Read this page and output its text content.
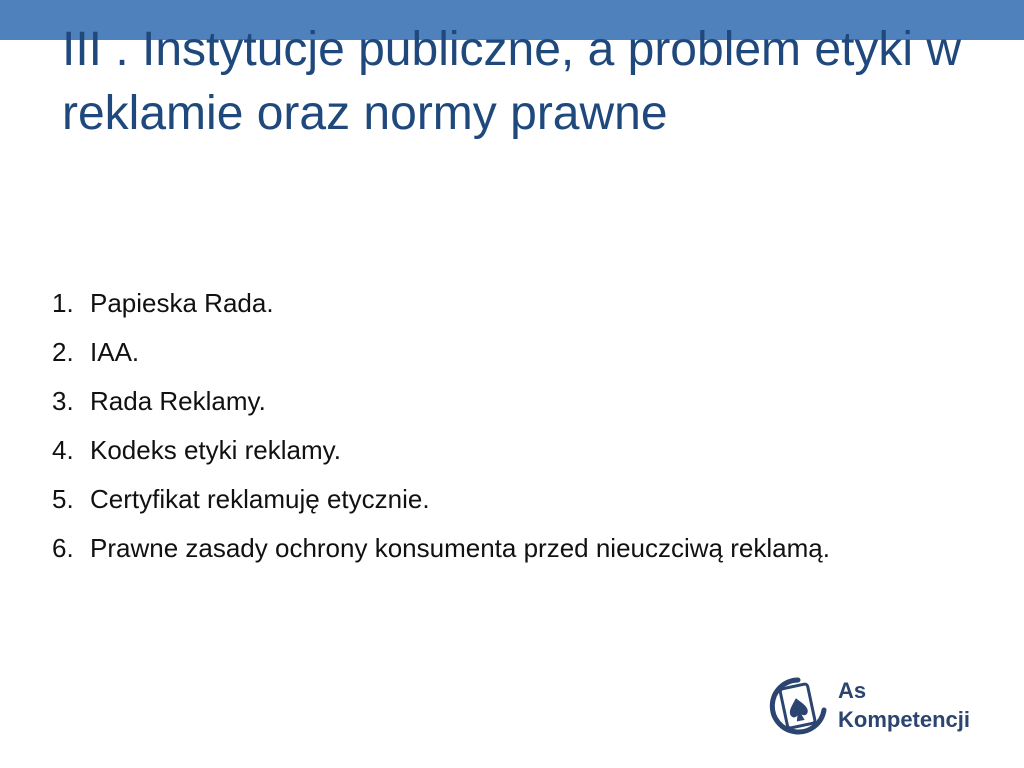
III . Instytucje publiczne, a problem etyki w reklamie oraz normy prawne
1. Papieska Rada.
2. IAA.
3. Rada Reklamy.
4. Kodeks etyki reklamy.
5. Certyfikat reklamuję etycznie.
6. Prawne zasady ochrony konsumenta przed nieuczciwą reklamą.
As
Kompetencji
